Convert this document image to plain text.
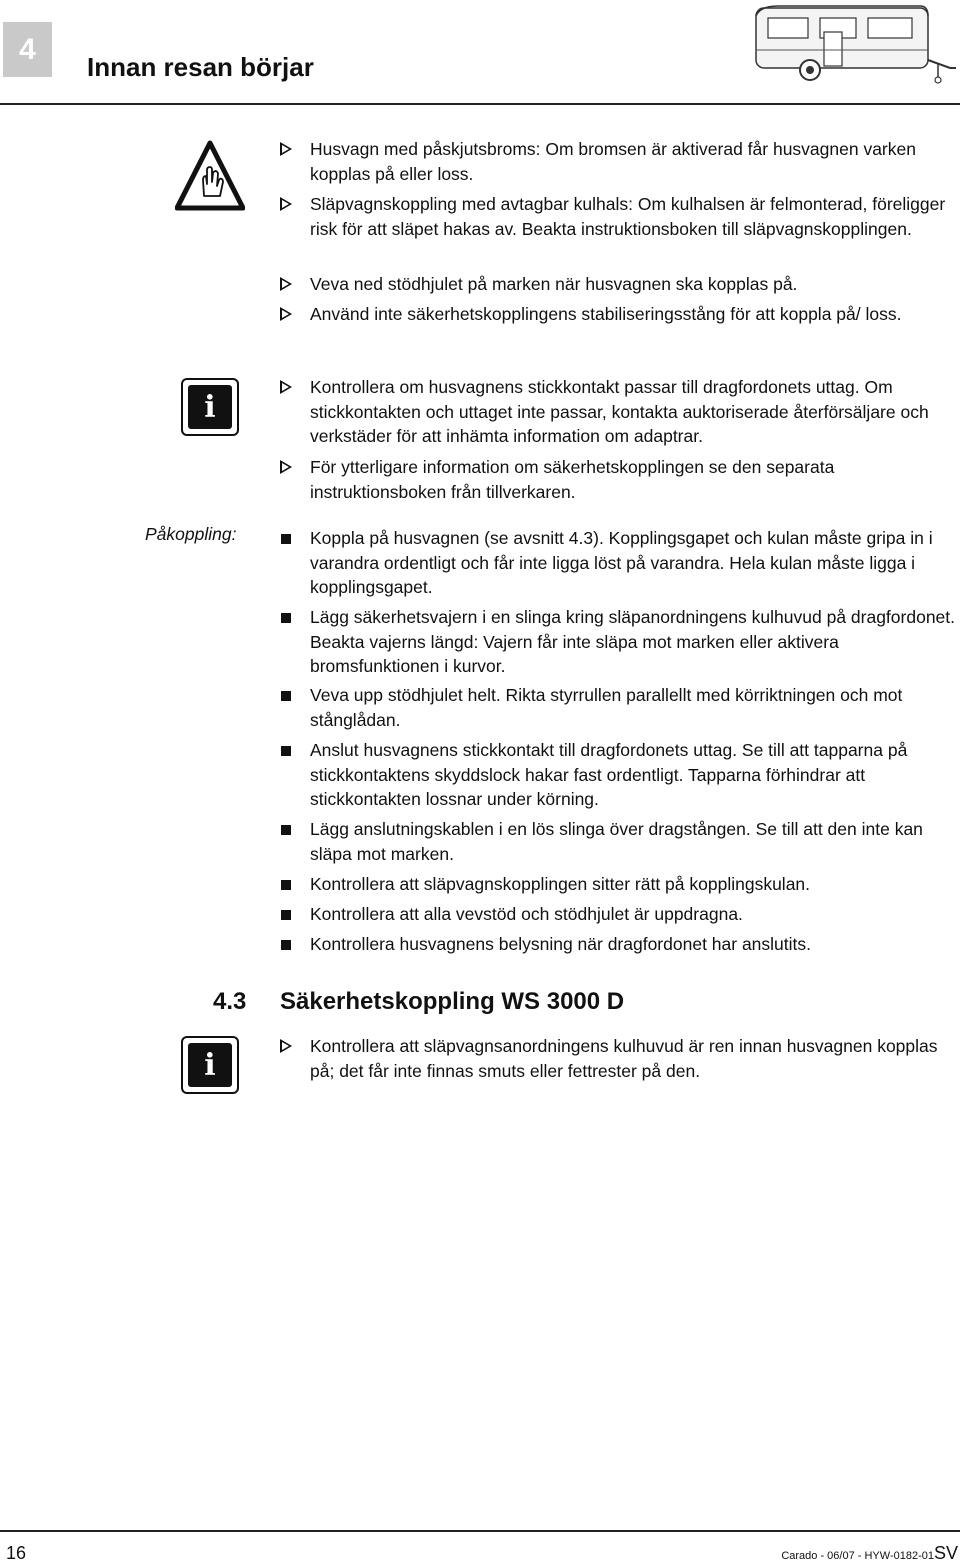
4
Innan resan börjar
Husvagn med påskjutsbroms: Om bromsen är aktiverad får husvagnen varken kopplas på eller loss.
Släpvagnskoppling med avtagbar kulhals: Om kulhalsen är felmonterad, föreligger risk för att släpet hakas av. Beakta instruktionsboken till släpvagnskopplingen.
Veva ned stödhjulet på marken när husvagnen ska kopplas på.
Använd inte säkerhetskopplingens stabiliseringsstång för att koppla på/ loss.
i
Kontrollera om husvagnens stickkontakt passar till dragfordonets uttag. Om stickkontakten och uttaget inte passar, kontakta auktoriserade återförsäljare och verkstäder för att inhämta information om adaptrar.
För ytterligare information om säkerhetskopplingen se den separata instruktionsboken från tillverkaren.
Påkoppling:	Koppla på husvagnen (se avsnitt 4.3). Kopplingsgapet och kulan måste gripa in i varandra ordentligt och får inte ligga löst på varandra. Hela kulan måste ligga i kopplingsgapet.
Lägg säkerhetsvajern i en slinga kring släpanordningens kulhuvud på dragfordonet. Beakta vajerns längd: Vajern får inte släpa mot marken eller aktivera bromsfunktionen i kurvor.
Veva upp stödhjulet helt. Rikta styrrullen parallellt med körriktningen och mot stånglådan.
Anslut husvagnens stickkontakt till dragfordonets uttag. Se till att tapparna på stickkontaktens skyddslock hakar fast ordentligt. Tapparna förhindrar att stickkontakten lossnar under körning.
Lägg anslutningskablen i en lös slinga över dragstången. Se till att den inte kan släpa mot marken.
Kontrollera att släpvagnskopplingen sitter rätt på kopplingskulan.
Kontrollera att alla vevstöd och stödhjulet är uppdragna.
Kontrollera husvagnens belysning när dragfordonet har anslutits.
4.3 Säkerhetskoppling WS 3000 D
i
Kontrollera att släpvagnsanordningens kulhuvud är ren innan husvagnen kopplas på; det får inte finnas smuts eller fettrester på den.
16	Carado - 06/07 - HYW-0182-01SV
